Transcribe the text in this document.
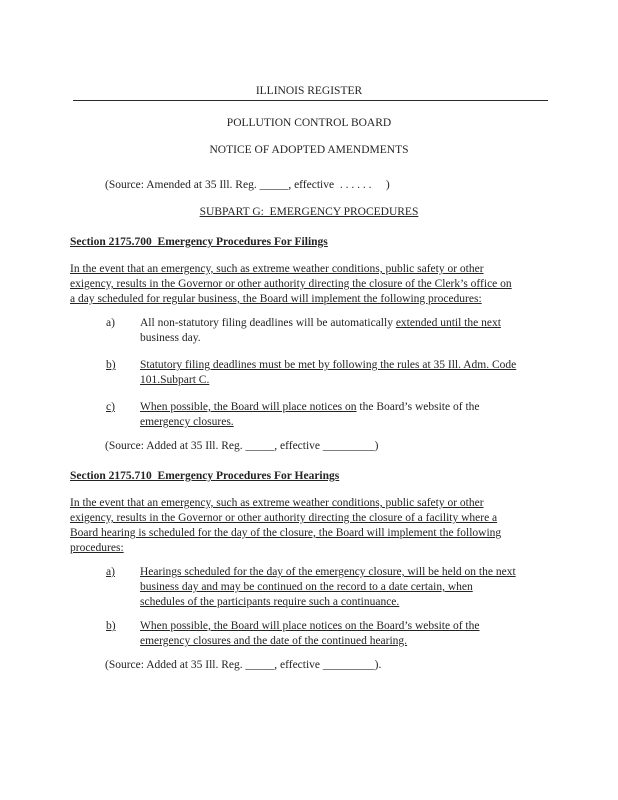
ILLINOIS REGISTER
POLLUTION CONTROL BOARD
NOTICE OF ADOPTED AMENDMENTS
(Source: Amended at 35 Ill. Reg. _____, effective  . . . . . .     )
SUBPART G:  EMERGENCY PROCEDURES
Section 2175.700  Emergency Procedures For Filings
In the event that an emergency, such as extreme weather conditions, public safety or other
exigency, results in the Governor or other authority directing the closure of the Clerk’s office on
a day scheduled for regular business, the Board will implement the following procedures:
a)	All non-statutory filing deadlines will be automatically extended until the next
business day.
b)	Statutory filing deadlines must be met by following the rules at 35 Ill. Adm. Code
101.Subpart C.
c)	When possible, the Board will place notices on the Board’s website of the
emergency closures.
(Source: Added at 35 Ill. Reg. _____, effective _________)
Section 2175.710  Emergency Procedures For Hearings
In the event that an emergency, such as extreme weather conditions, public safety or other
exigency, results in the Governor or other authority directing the closure of a facility where a
Board hearing is scheduled for the day of the closure, the Board will implement the following
procedures:
a)	Hearings scheduled for the day of the emergency closure, will be held on the next
business day and may be continued on the record to a date certain, when
schedules of the participants require such a continuance.
b)	When possible, the Board will place notices on the Board’s website of the
emergency closures and the date of the continued hearing.
(Source: Added at 35 Ill. Reg. _____, effective _________).
